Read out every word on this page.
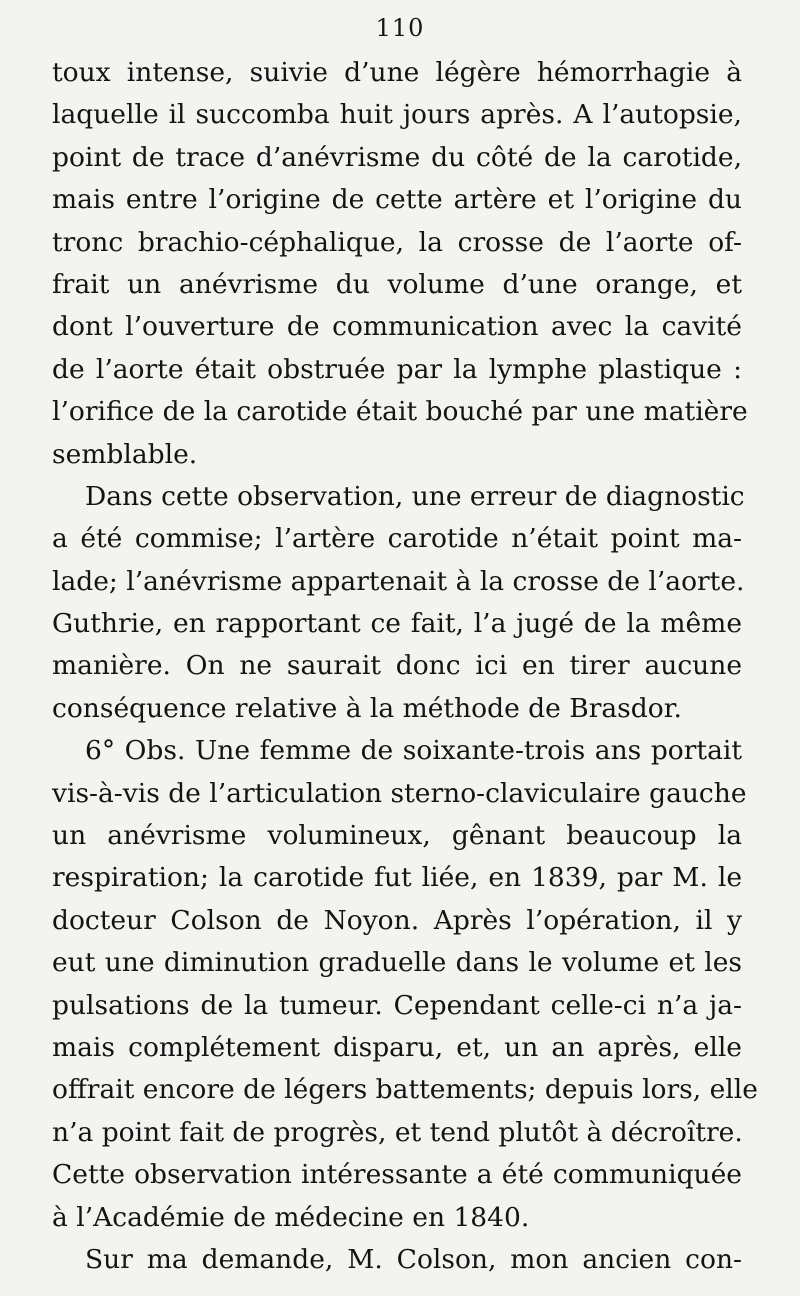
110
toux intense, suivie d’une légère hémorrhagie à
laquelle il succomba huit jours après. A l’autopsie,
point de trace d’anévrisme du côté de la carotide,
mais entre l’origine de cette artère et l’origine du
tronc brachio-céphalique, la crosse de l’aorte of-
frait un anévrisme du volume d’une orange, et
dont l’ouverture de communication avec la cavité
de l’aorte était obstruée par la lymphe plastique :
l’orifice de la carotide était bouché par une matière
semblable.
Dans cette observation, une erreur de diagnostic
a été commise; l’artère carotide n’était point ma-
lade; l’anévrisme appartenait à la crosse de l’aorte.
Guthrie, en rapportant ce fait, l’a jugé de la même
manière. On ne saurait donc ici en tirer aucune
conséquence relative à la méthode de Brasdor.
6° Obs. Une femme de soixante-trois ans portait
vis-à-vis de l’articulation sterno-claviculaire gauche
un anévrisme volumineux, gênant beaucoup la
respiration; la carotide fut liée, en 1839, par M. le
docteur Colson de Noyon. Après l’opération, il y
eut une diminution graduelle dans le volume et les
pulsations de la tumeur. Cependant celle-ci n’a ja-
mais complétement disparu, et, un an après, elle
offrait encore de légers battements; depuis lors, elle
n’a point fait de progrès, et tend plutôt à décroître.
Cette observation intéressante a été communiquée
à l’Académie de médecine en 1840.
Sur ma demande, M. Colson, mon ancien con-
